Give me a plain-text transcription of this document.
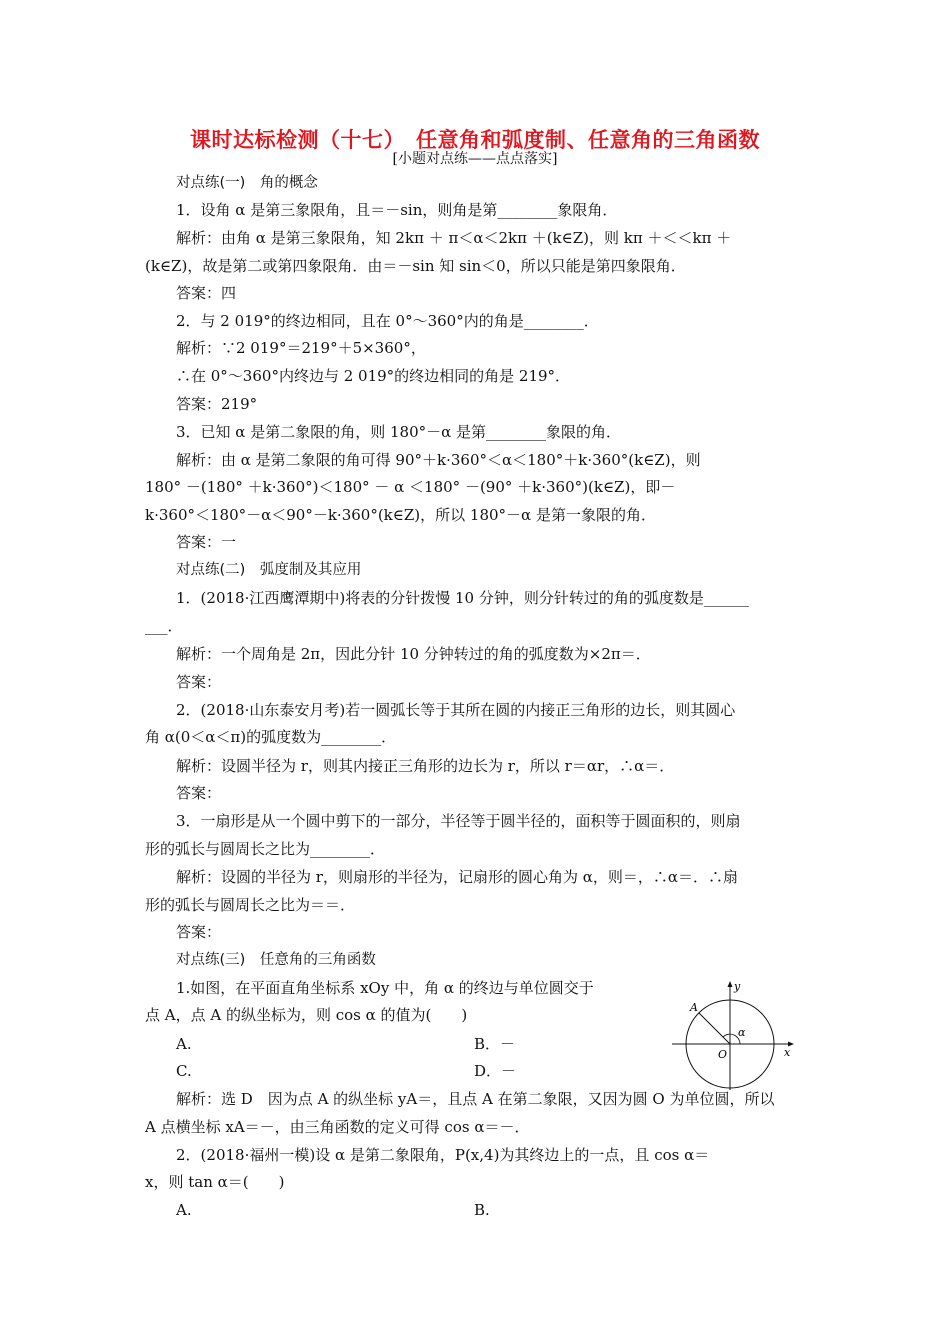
课时达标检测（十七）　任意角和弧度制、任意角的三角函数
[小题对点练——点点落实]
对点练(一)　角的概念
1．设角 α 是第三象限角，且＝－sin，则角是第________象限角．
解析：由角 α 是第三象限角，知 2kπ ＋ π＜α＜2kπ ＋(k∈Z)，则 kπ ＋＜＜kπ ＋
(k∈Z)，故是第二或第四象限角．由＝－sin 知 sin＜0，所以只能是第四象限角．
答案：四
2．与 2 019°的终边相同，且在 0°～360°内的角是________．
解析：∵2 019°＝219°＋5×360°，
∴在 0°～360°内终边与 2 019°的终边相同的角是 219°．
答案：219°
3．已知 α 是第二象限的角，则 180°－α 是第________象限的角．
解析：由 α 是第二象限的角可得 90°＋k·360°＜α＜180°＋k·360°(k∈Z)，则
180° －(180° ＋k·360°)＜180° － α ＜180° －(90° ＋k·360°)(k∈Z)，即－
k·360°＜180°－α＜90°－k·360°(k∈Z)，所以 180°－α 是第一象限的角．
答案：一
对点练(二)　弧度制及其应用
1．(2018·江西鹰潭期中)将表的分针拨慢 10 分钟，则分针转过的角的弧度数是______
___．
解析：一个周角是 2π，因此分针 10 分钟转过的角的弧度数为×2π＝．
答案：
2．(2018·山东泰安月考)若一圆弧长等于其所在圆的内接正三角形的边长，则其圆心
角 α(0＜α＜π)的弧度数为________．
解析：设圆半径为 r，则其内接正三角形的边长为 r，所以 r＝αr，∴α＝．
答案：
3．一扇形是从一个圆中剪下的一部分，半径等于圆半径的，面积等于圆面积的，则扇
形的弧长与圆周长之比为________．
解析：设圆的半径为 r，则扇形的半径为，记扇形的圆心角为 α，则＝，∴α＝．∴扇
形的弧长与圆周长之比为＝＝．
答案：
对点练(三)　任意角的三角函数
1.如图，在平面直角坐标系 xOy 中，角 α 的终边与单位圆交于
点 A，点 A 的纵坐标为，则 cos α 的值为(　　)
A.	B．－
C.	D．－
解析：选 D　因为点 A 的纵坐标 yA＝，且点 A 在第二象限，又因为圆 O 为单位圆，所以
A 点横坐标 xA＝－，由三角函数的定义可得 cos α＝－．
2．(2018·福州一模)设 α 是第二象限角，P(x,4)为其终边上的一点，且 cos α＝
x，则 tan α＝(　　)
A.	B.
y
x
A
O
α
